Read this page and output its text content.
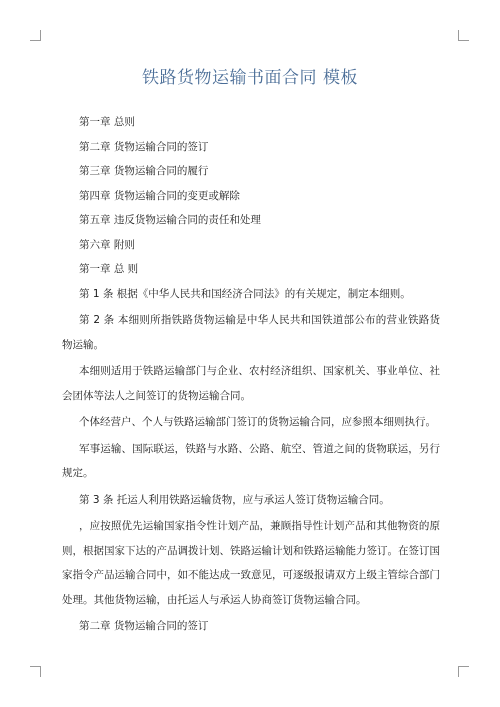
铁路货物运输书面合同 模板
第一章 总则
第二章 货物运输合同的签订
第三章 货物运输合同的履行
第四章 货物运输合同的变更或解除
第五章 违反货物运输合同的责任和处理
第六章 附则
第一章 总 则

第 1 条 根据《中华人民共和国经济合同法》的有关规定，制定本细则。

第 2 条 本细则所指铁路货物运输是中华人民共和国铁道部公布的营业铁路货物运输。

本细则适用于铁路运输部门与企业、农村经济组织、国家机关、事业单位、社会团体等法人之间签订的货物运输合同。

个体经营户、个人与铁路运输部门签订的货物运输合同，应参照本细则执行。

军事运输、国际联运，铁路与水路、公路、航空、管道之间的货物联运，另行规定。

第 3 条 托运人利用铁路运输货物，应与承运人签订货物运输合同。

，应按照优先运输国家指令性计划产品，兼顾指导性计划产品和其他物资的原则，根据国家下达的产品调拨计划、铁路运输计划和铁路运输能力签订。在签订国家指令产品运输合同中，如不能达成一致意见，可逐级报请双方上级主管综合部门处理。其他货物运输，由托运人与承运人协商签订货物运输合同。

第二章 货物运输合同的签订
